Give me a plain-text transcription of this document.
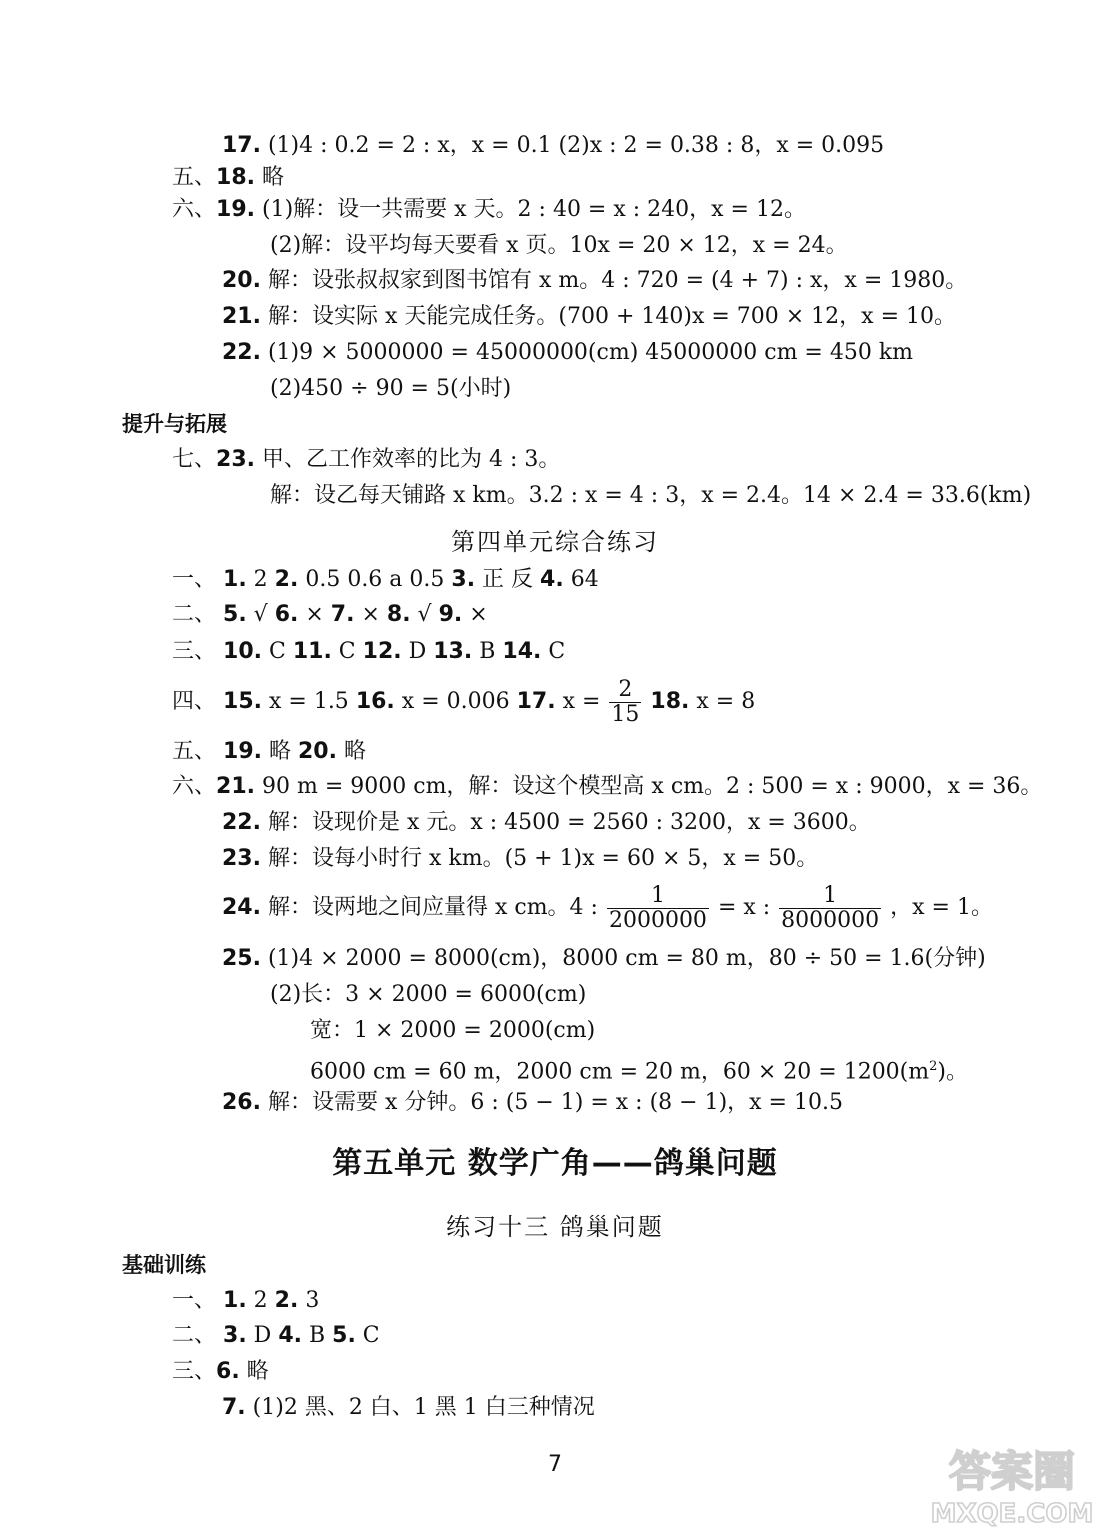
17. (1)4 : 0.2 = 2 : x，x = 0.1 (2)x : 2 = 0.38 : 8，x = 0.095
五、18. 略
六、19. (1)解：设一共需要 x 天。2 : 40 = x : 240，x = 12。
(2)解：设平均每天要看 x 页。10x = 20 × 12，x = 24。
20. 解：设张叔叔家到图书馆有 x m。4 : 720 = (4 + 7) : x，x = 1980。
21. 解：设实际 x 天能完成任务。(700 + 140)x = 700 × 12，x = 10。
22. (1)9 × 5000000 = 45000000(cm) 45000000 cm = 450 km
(2)450 ÷ 90 = 5(小时)
提升与拓展
七、23. 甲、乙工作效率的比为 4 : 3。
解：设乙每天铺路 x km。3.2 : x = 4 : 3，x = 2.4。14 × 2.4 = 33.6(km)
第四单元综合练习
一、 1. 2 2. 0.5 0.6 a 0.5 3. 正 反 4. 64
二、 5. √ 6. × 7. × 8. √ 9. ×
三、 10. C 11. C 12. D 13. B 14. C
四、 15. x = 1.5 16. x = 0.006 17. $x = \frac{2}{15} 18$. x = 8
五、 19. 略 20. 略
六、21. 90 m = 9000 cm，解：设这个模型高 x cm。2 : 500 = x : 9000，x = 36。
22. 解：设现价是 x 元。x : 4500 = 2560 : 3200，x = 3600。
23. 解：设每小时行 x km。(5 + 1)x = 60 × 5，x = 50。
24. 解：设两地之间应量得 x cm。4 : $\frac{1}{2000000} = x$ : $\frac{1}{8000000}$ ，x = 1。
25. (1)4 × 2000 = 8000(cm)，8000 cm = 80 m，80 ÷ 50 = 1.6(分钟)
(2)长：3 × 2000 = 6000(cm)
宽：1 × 2000 = 2000(cm)
6000 cm = 60 m，2000 cm = 20 m，$60 \times 20 = 1200(m^2)$。
26. 解：设需要 x 分钟。6 : (5 − 1) = x : (8 − 1)，x = 10.5
第五单元 数学广角——鸽巢问题
练习十三 鸽巢问题
基础训练
一、 1. 2 2. 3
二、 3. D 4. B 5. C
三、6. 略
7. (1)2 黑、2 白、1 黑 1 白三种情况
7	答案圈
MXQE.COM
